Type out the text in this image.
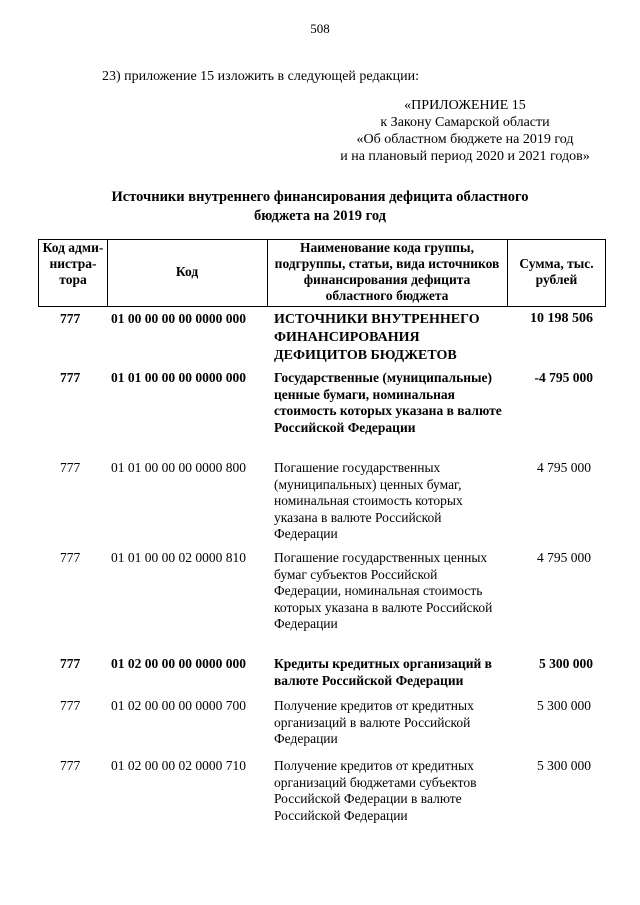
508
23) приложение 15 изложить в следующей редакции:
«ПРИЛОЖЕНИЕ 15
к Закону Самарской области
«Об областном бюджете на 2019 год
и на плановый период 2020 и 2021 годов»
Источники внутреннего финансирования дефицита областного бюджета на 2019 год
Код адми-нистра-тора
Код
Наименование кода группы, подгруппы, статьи, вида источников финансирования дефицита областного бюджета
Сумма, тыс. рублей
777 01 00 00 00 00 0000 000 ИСТОЧНИКИ ВНУТРЕННЕГО ФИНАНСИРОВАНИЯ ДЕФИЦИТОВ БЮДЖЕТОВ
10 198 506
777 01 01 00 00 00 0000 000 Государственные (муниципальные) ценные бумаги, номинальная стоимость которых указана в валюте Российской Федерации
-4 795 000
777 01 01 00 00 00 0000 800 Погашение государственных (муниципальных) ценных бумаг, номинальная стоимость которых указана в валюте Российской Федерации
4 795 000
777 01 01 00 00 02 0000 810 Погашение государственных ценных бумаг субъектов Российской Федерации, номинальная стоимость которых указана в валюте Российской Федерации
4 795 000
777 01 02 00 00 00 0000 000 Кредиты кредитных организаций в валюте Российской Федерации
5 300 000
777 01 02 00 00 00 0000 700 Получение кредитов от кредитных организаций в валюте Российской Федерации
5 300 000
777 01 02 00 00 02 0000 710 Получение кредитов от кредитных организаций бюджетами субъектов Российской Федерации в валюте Российской Федерации
5 300 000
